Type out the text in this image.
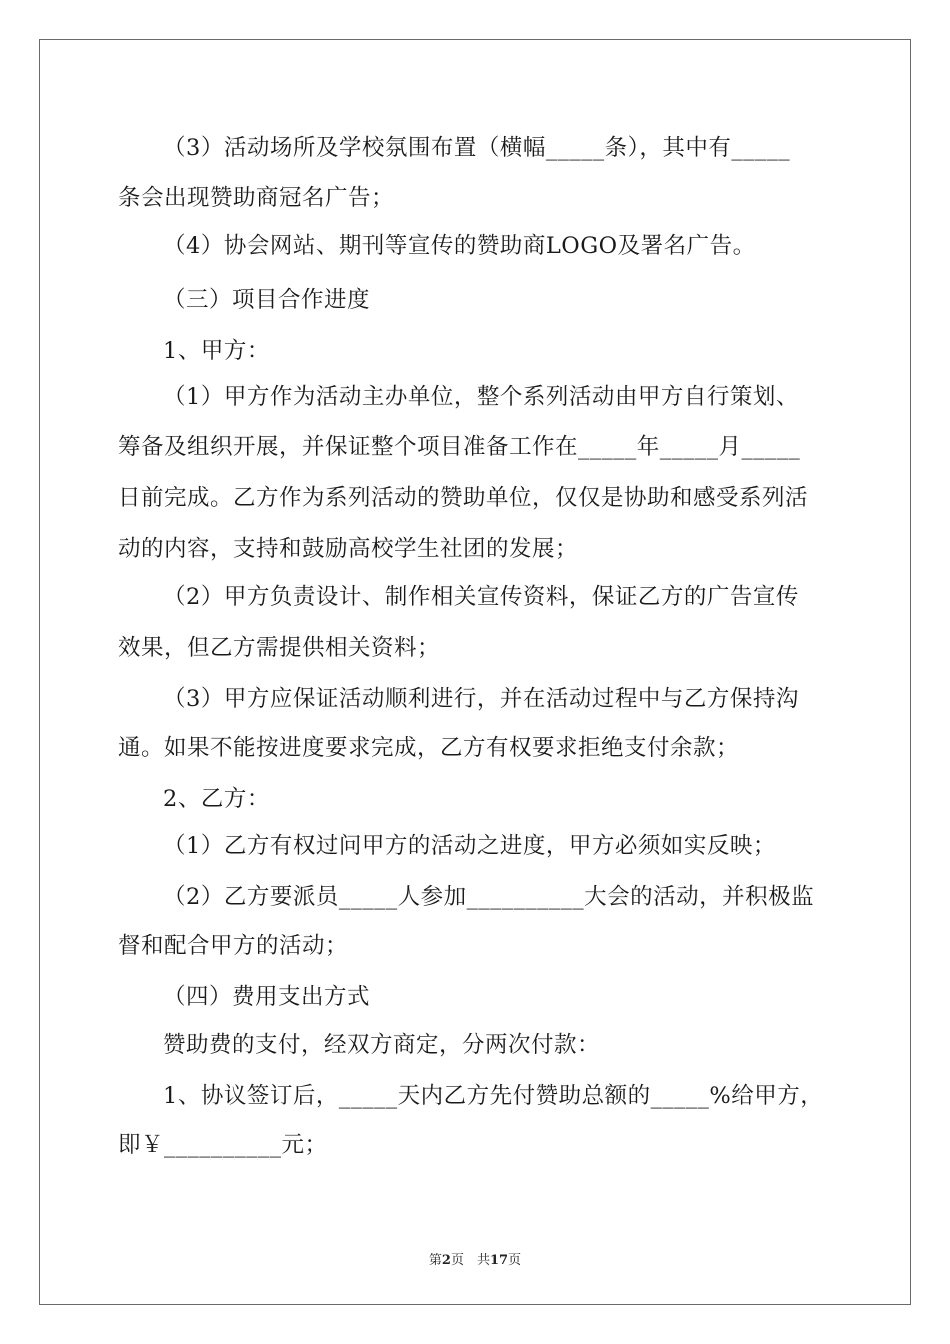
（3）活动场所及学校氛围布置（横幅_____条），其中有_____
条会出现赞助商冠名广告；
（4）协会网站、期刊等宣传的赞助商LOGO及署名广告。
（三）项目合作进度
1、甲方：
（1）甲方作为活动主办单位，整个系列活动由甲方自行策划、
筹备及组织开展，并保证整个项目准备工作在_____年_____月_____
日前完成。乙方作为系列活动的赞助单位，仅仅是协助和感受系列活
动的内容，支持和鼓励高校学生社团的发展；
（2）甲方负责设计、制作相关宣传资料，保证乙方的广告宣传
效果，但乙方需提供相关资料；
（3）甲方应保证活动顺利进行，并在活动过程中与乙方保持沟
通。如果不能按进度要求完成，乙方有权要求拒绝支付余款；
2、乙方：
（1）乙方有权过问甲方的活动之进度，甲方必须如实反映；
（2）乙方要派员_____人参加__________大会的活动，并积极监
督和配合甲方的活动；
（四）费用支出方式
赞助费的支付，经双方商定，分两次付款：
1、协议签订后，_____天内乙方先付赞助总额的_____%给甲方，
即￥__________元；
第2页　共17页
